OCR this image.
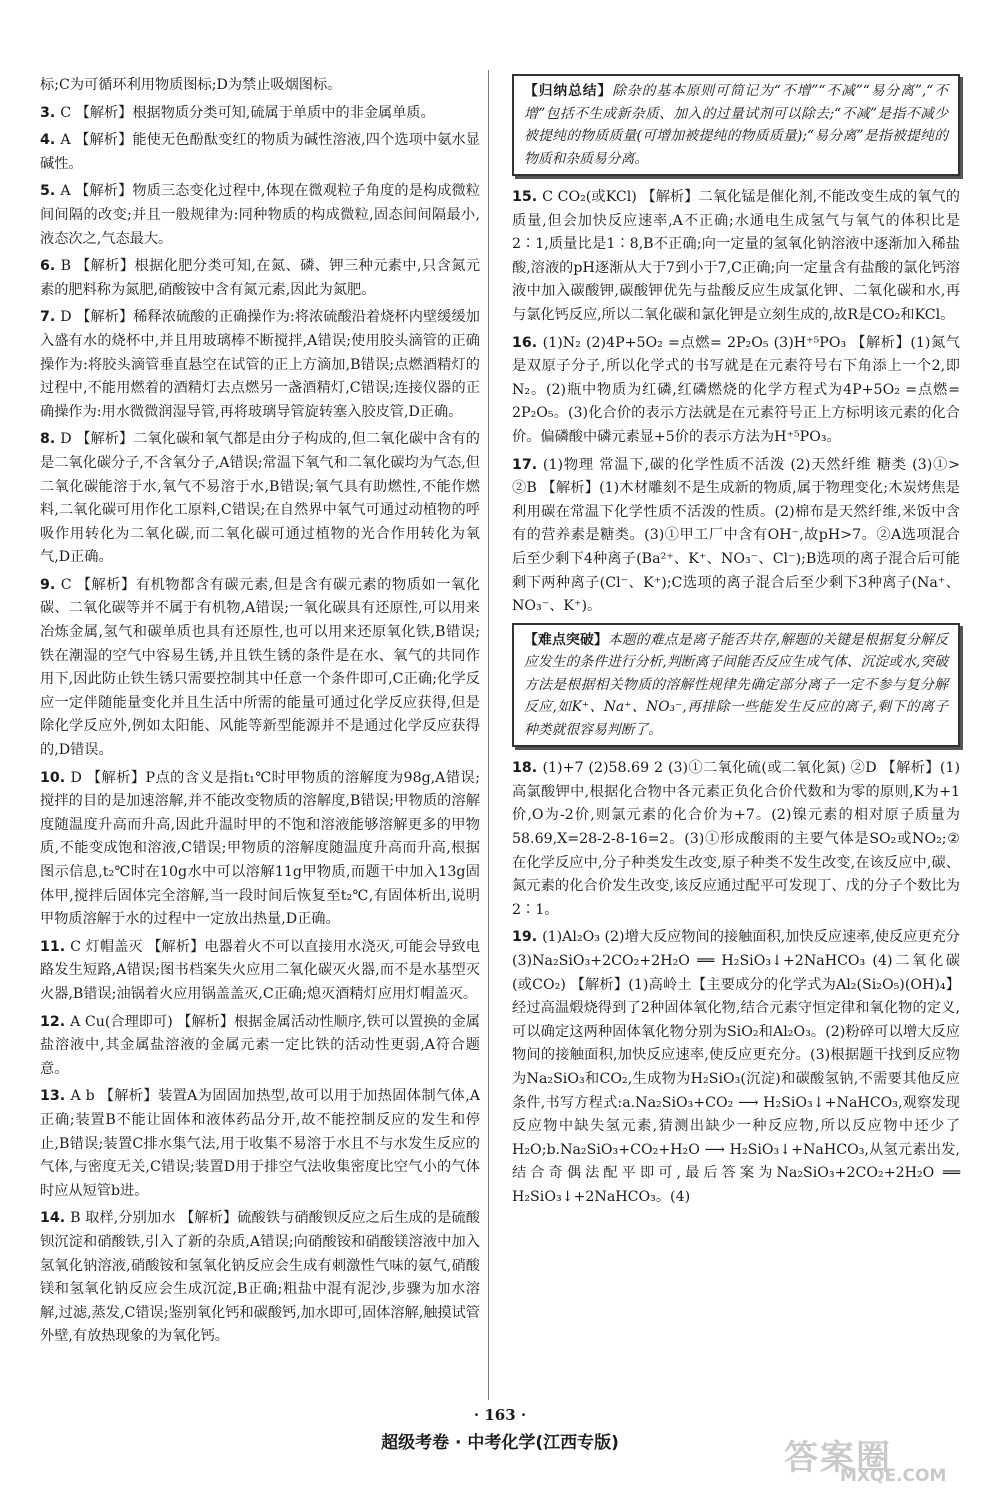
标;C为可循环利用物质图标;D为禁止吸烟图标。

3. C 【解析】根据物质分类可知,硫属于单质中的非金属单质。

4. A 【解析】能使无色酚酞变红的物质为碱性溶液,四个选项中氨水显碱性。

5. A 【解析】物质三态变化过程中,体现在微观粒子角度的是构成微粒间间隔的改变;并且一般规律为:同种物质的构成微粒,固态间间隔最小,液态次之,气态最大。

6. B 【解析】根据化肥分类可知,在氮、磷、钾三种元素中,只含氮元素的肥料称为氮肥,硝酸铵中含有氮元素,因此为氮肥。

7. D 【解析】稀释浓硫酸的正确操作为:将浓硫酸沿着烧杯内壁缓缓加入盛有水的烧杯中,并且用玻璃棒不断搅拌,A错误;使用胶头滴管的正确操作为:将胶头滴管垂直悬空在试管的正上方滴加,B错误;点燃酒精灯的过程中,不能用燃着的酒精灯去点燃另一盏酒精灯,C错误;连接仪器的正确操作为:用水微微润湿导管,再将玻璃导管旋转塞入胶皮管,D正确。

8. D 【解析】二氧化碳和氧气都是由分子构成的,但二氧化碳中含有的是二氧化碳分子,不含氧分子,A错误;常温下氧气和二氧化碳均为气态,但二氧化碳能溶于水,氧气不易溶于水,B错误;氧气具有助燃性,不能作燃料,二氧化碳可用作化工原料,C错误;在自然界中氧气可通过动植物的呼吸作用转化为二氧化碳,而二氧化碳可通过植物的光合作用转化为氧气,D正确。

9. C 【解析】有机物都含有碳元素,但是含有碳元素的物质如一氧化碳、二氧化碳等并不属于有机物,A错误;一氧化碳具有还原性,可以用来冶炼金属,氢气和碳单质也具有还原性,也可以用来还原氧化铁,B错误;铁在潮湿的空气中容易生锈,并且铁生锈的条件是在水、氧气的共同作用下,因此防止铁生锈只需要控制其中任意一个条件即可,C正确;化学反应一定伴随能量变化并且生活中所需的能量可通过化学反应获得,但是除化学反应外,例如太阳能、风能等新型能源并不是通过化学反应获得的,D错误。

10. D 【解析】P点的含义是指t₁℃时甲物质的溶解度为98g,A错误;搅拌的目的是加速溶解,并不能改变物质的溶解度,B错误;甲物质的溶解度随温度升高而升高,因此升温时甲的不饱和溶液能够溶解更多的甲物质,不能变成饱和溶液,C错误;甲物质的溶解度随温度升高而升高,根据图示信息,t₂℃时在10g水中可以溶解11g甲物质,而题干中加入13g固体甲,搅拌后固体完全溶解,当一段时间后恢复至t₂℃,有固体析出,说明甲物质溶解于水的过程中一定放出热量,D正确。

11. C 灯帽盖灭 【解析】电器着火不可以直接用水浇灭,可能会导致电路发生短路,A错误;图书档案失火应用二氧化碳灭火器,而不是水基型灭火器,B错误;油锅着火应用锅盖盖灭,C正确;熄灭酒精灯应用灯帽盖灭。

12. A Cu(合理即可) 【解析】根据金属活动性顺序,铁可以置换的金属盐溶液中,其金属盐溶液的金属元素一定比铁的活动性更弱,A符合题意。

13. A b 【解析】装置A为固固加热型,故可以用于加热固体制气体,A正确;装置B不能让固体和液体药品分开,故不能控制反应的发生和停止,B错误;装置C排水集气法,用于收集不易溶于水且不与水发生反应的气体,与密度无关,C错误;装置D用于排空气法收集密度比空气小的气体时应从短管b进。

14. B 取样,分别加水 【解析】硫酸铁与硝酸钡反应之后生成的是硫酸钡沉淀和硝酸铁,引入了新的杂质,A错误;向硝酸铵和硝酸镁溶液中加入氢氧化钠溶液,硝酸铵和氢氧化钠反应会生成有刺激性气味的氨气,硝酸镁和氢氧化钠反应会生成沉淀,B正确;粗盐中混有泥沙,步骤为加水溶解,过滤,蒸发,C错误;鉴别氧化钙和碳酸钙,加水即可,固体溶解,触摸试管外壁,有放热现象的为氧化钙。

【归纳总结】除杂的基本原则可简记为“不增”“不减”“易分离”,“不增”包括不生成新杂质、加入的过量试剂可以除去;“不减”是指不减少被提纯的物质质量(可增加被提纯的物质质量);“易分离”是指被提纯的物质和杂质易分离。

15. C CO₂(或KCl) 【解析】二氧化锰是催化剂,不能改变生成的氧气的质量,但会加快反应速率,A不正确;水通电生成氢气与氧气的体积比是2∶1,质量比是1∶8,B不正确;向一定量的氢氧化钠溶液中逐渐加入稀盐酸,溶液的pH逐渐从大于7到小于7,C正确;向一定量含有盐酸的氯化钙溶液中加入碳酸钾,碳酸钾优先与盐酸反应生成氯化钾、二氧化碳和水,再与氯化钙反应,所以二氧化碳和氯化钾是立刻生成的,故R是CO₂和KCl。

16. (1)N₂ (2)4P+5O₂ =点燃= 2P₂O₅ (3)H⁺⁵PO₃ 【解析】(1)氮气是双原子分子,所以化学式的书写就是在元素符号右下角添上一个2,即N₂。(2)瓶中物质为红磷,红磷燃烧的化学方程式为4P+5O₂ =点燃= 2P₂O₅。(3)化合价的表示方法就是在元素符号正上方标明该元素的化合价。偏磷酸中磷元素显+5价的表示方法为H⁺⁵PO₃。

17. (1)物理 常温下,碳的化学性质不活泼 (2)天然纤维 糖类 (3)①> ②B 【解析】(1)木材雕刻不是生成新的物质,属于物理变化;木炭烤焦是利用碳在常温下化学性质不活泼的性质。(2)棉布是天然纤维,米饭中含有的营养素是糖类。(3)①甲工厂中含有OH⁻,故pH>7。②A选项混合后至少剩下4种离子(Ba²⁺、K⁺、NO₃⁻、Cl⁻);B选项的离子混合后可能剩下两种离子(Cl⁻、K⁺);C选项的离子混合后至少剩下3种离子(Na⁺、NO₃⁻、K⁺)。

【难点突破】本题的难点是离子能否共存,解题的关键是根据复分解反应发生的条件进行分析,判断离子间能否反应生成气体、沉淀或水,突破方法是根据相关物质的溶解性规律先确定部分离子一定不参与复分解反应,如K⁺、Na⁺、NO₃⁻,再排除一些能发生反应的离子,剩下的离子种类就很容易判断了。

18. (1)+7 (2)58.69 2 (3)①二氧化硫(或二氧化氮) ②D 【解析】(1)高氯酸钾中,根据化合物中各元素正负化合价代数和为零的原则,K为+1价,O为-2价,则氯元素的化合价为+7。(2)镍元素的相对原子质量为58.69,X=28-2-8-16=2。(3)①形成酸雨的主要气体是SO₂或NO₂;②在化学反应中,分子种类发生改变,原子种类不发生改变,在该反应中,碳、氮元素的化合价发生改变,该反应通过配平可发现丁、戊的分子个数比为2∶1。

19. (1)Al₂O₃ (2)增大反应物间的接触面积,加快反应速率,使反应更充分 (3)Na₂SiO₃+2CO₂+2H₂O ══ H₂SiO₃↓+2NaHCO₃ (4)二氧化碳(或CO₂) 【解析】(1)高岭土【主要成分的化学式为Al₂(Si₂O₅)(OH)₄】经过高温煅烧得到了2种固体氧化物,结合元素守恒定律和氧化物的定义,可以确定这两种固体氧化物分别为SiO₂和Al₂O₃。(2)粉碎可以增大反应物间的接触面积,加快反应速率,使反应更充分。(3)根据题干找到反应物为Na₂SiO₃和CO₂,生成物为H₂SiO₃(沉淀)和碳酸氢钠,不需要其他反应条件,书写方程式:a.Na₂SiO₃+CO₂ ⟶ H₂SiO₃↓+NaHCO₃,观察发现反应物中缺失氢元素,猜测出缺少一种反应物,所以反应物中还少了H₂O;b.Na₂SiO₃+CO₂+H₂O ⟶ H₂SiO₃↓+NaHCO₃,从氢元素出发,结合奇偶法配平即可,最后答案为Na₂SiO₃+2CO₂+2H₂O ══ H₂SiO₃↓+2NaHCO₃。(4)

· 163 ·
超级考卷 · 中考化学(江西专版)	答案圈
MXQE.COM
